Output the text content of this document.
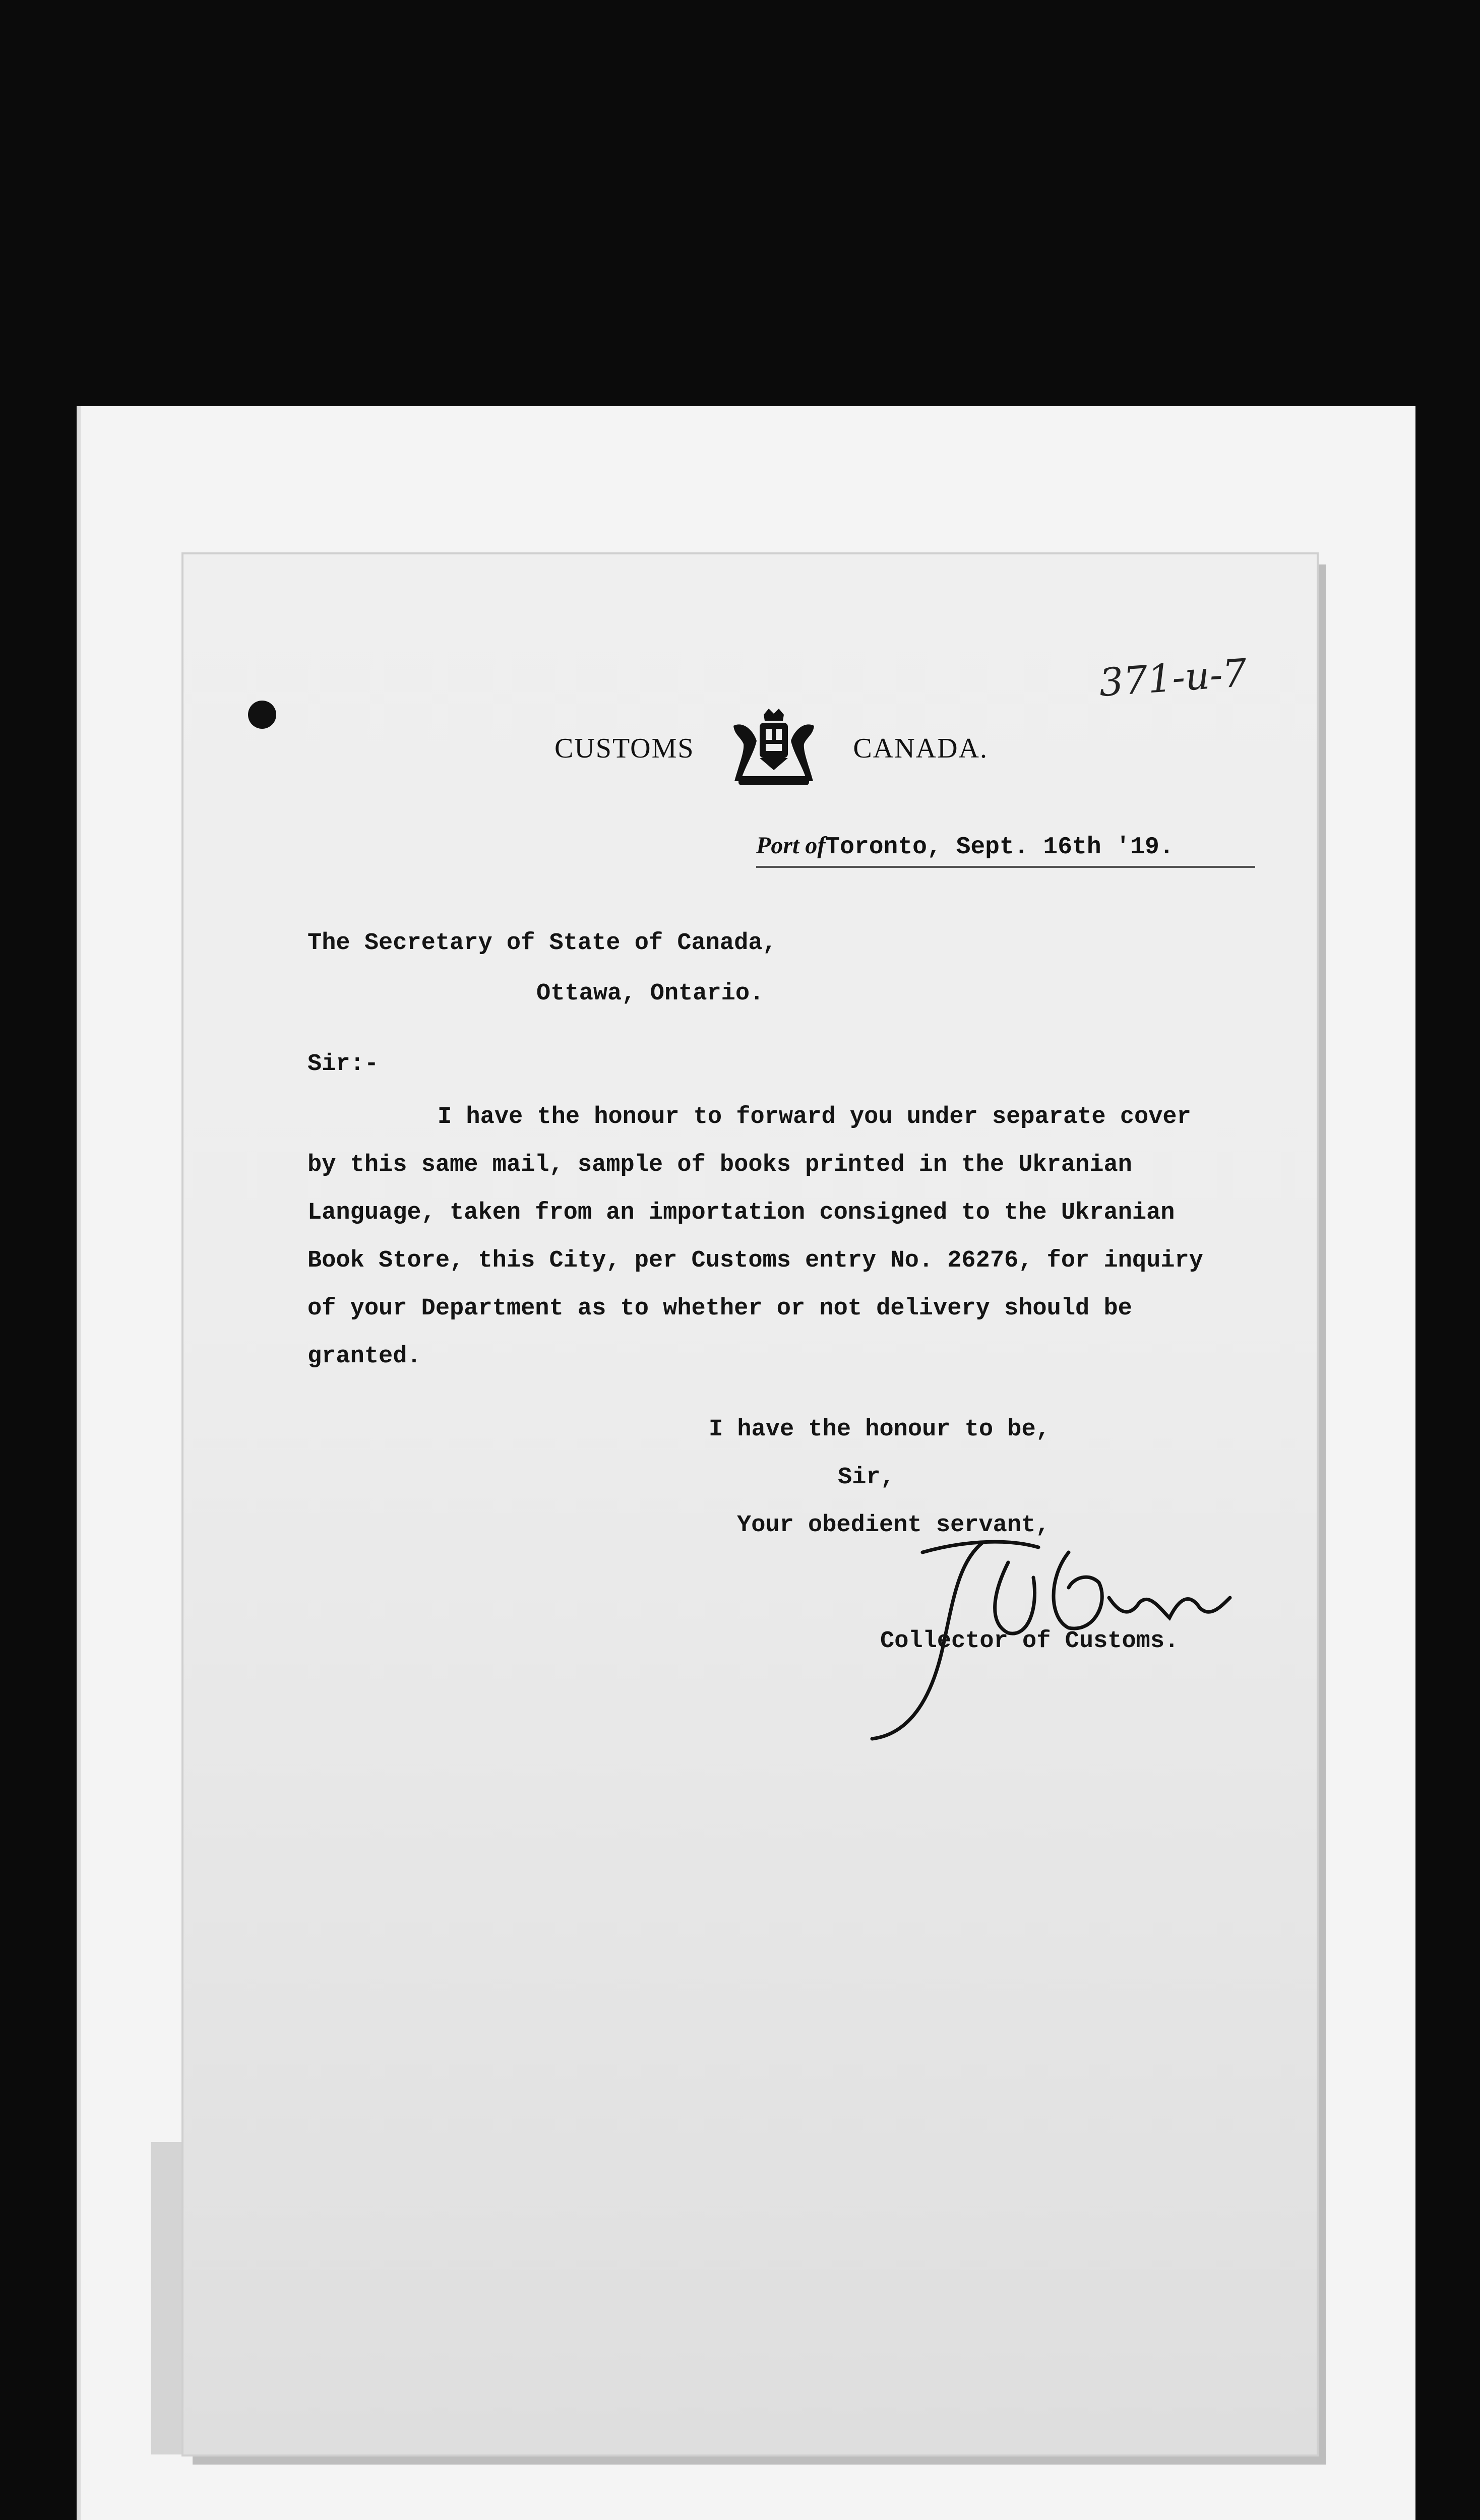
371-u-7
CUSTOMS	CANADA.
Port ofToronto, Sept. 16th '19.
The Secretary of State of Canada,
Ottawa, Ontario.
Sir:-
I have the honour to forward you under separate cover
by this same mail, sample of books printed in the Ukranian
Language, taken from an importation consigned to the Ukranian
Book Store, this City, per Customs entry No. 26276, for inquiry
of your Department as to whether or not delivery should be
granted.
I have the honour to be,
Sir,
Your obedient servant,
Collector of Customs.
